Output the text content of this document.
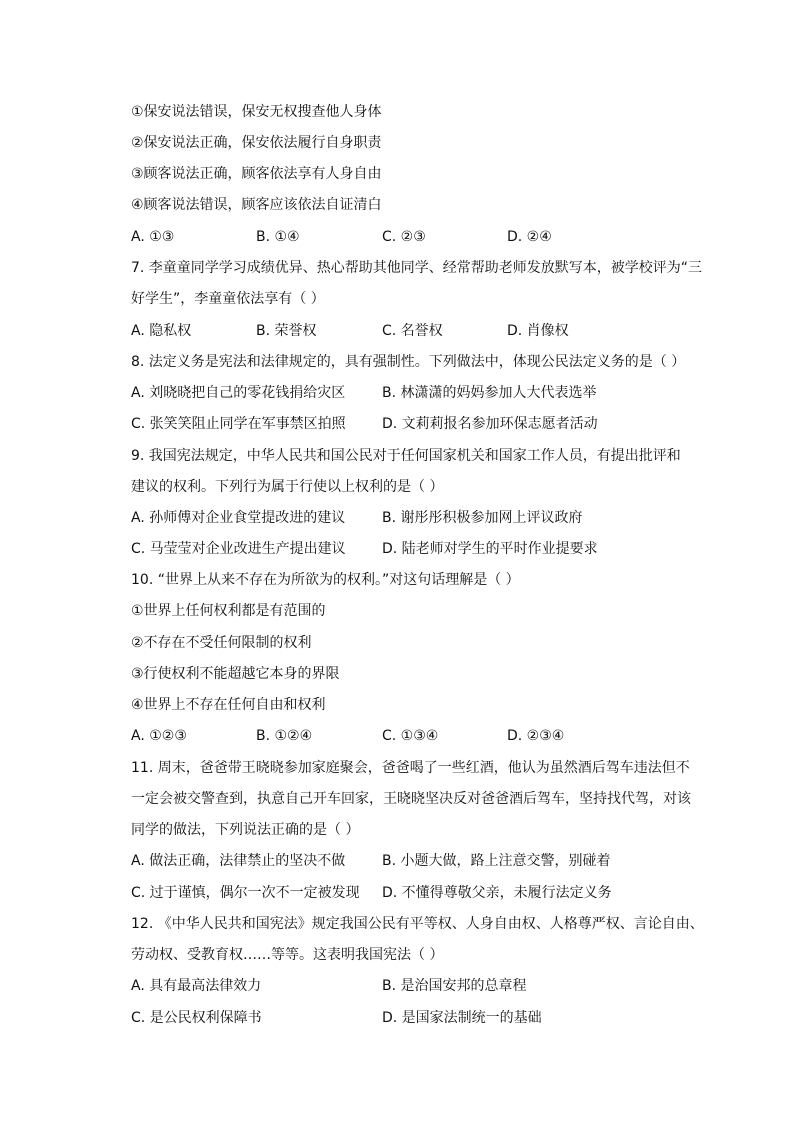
①保安说法错误，保安无权搜查他人身体
②保安说法正确，保安依法履行自身职责
③顾客说法正确，顾客依法享有人身自由
④顾客说法错误，顾客应该依法自证清白
A. ①③	B. ①④	C. ②③	D. ②④
7. 李童童同学学习成绩优异、热心帮助其他同学、经常帮助老师发放默写本，被学校评为“三
好学生”，李童童依法享有（ ）
A. 隐私权	B. 荣誉权	C. 名誉权	D. 肖像权
8. 法定义务是宪法和法律规定的，具有强制性。下列做法中，体现公民法定义务的是（ ）
A. 刘晓晓把自己的零花钱捐给灾区	B. 林潇潇的妈妈参加人大代表选举
C. 张笑笑阻止同学在军事禁区拍照	D. 文莉莉报名参加环保志愿者活动
9. 我国宪法规定，中华人民共和国公民对于任何国家机关和国家工作人员，有提出批评和
建议的权利。下列行为属于行使以上权利的是（ ）
A. 孙师傅对企业食堂提改进的建议	B. 谢彤彤积极参加网上评议政府
C. 马莹莹对企业改进生产提出建议	D. 陆老师对学生的平时作业提要求
10. “世界上从来不存在为所欲为的权利。”对这句话理解是（ ）
①世界上任何权利都是有范围的
②不存在不受任何限制的权利
③行使权利不能超越它本身的界限
④世界上不存在任何自由和权利
A. ①②③	B. ①②④	C. ①③④	D. ②③④
11. 周末，爸爸带王晓晓参加家庭聚会，爸爸喝了一些红酒，他认为虽然酒后驾车违法但不
一定会被交警查到，执意自己开车回家，王晓晓坚决反对爸爸酒后驾车，坚持找代驾，对该
同学的做法，下列说法正确的是（ ）
A. 做法正确，法律禁止的坚决不做	B. 小题大做，路上注意交警，别碰着
C. 过于谨慎，偶尔一次不一定被发现 D. 不懂得尊敬父亲，未履行法定义务
12. 《中华人民共和国宪法》规定我国公民有平等权、人身自由权、人格尊严权、言论自由、
劳动权、受教育权……等等。这表明我国宪法（ ）
A. 具有最高法律效力	B. 是治国安邦的总章程
C. 是公民权利保障书	D. 是国家法制统一的基础
